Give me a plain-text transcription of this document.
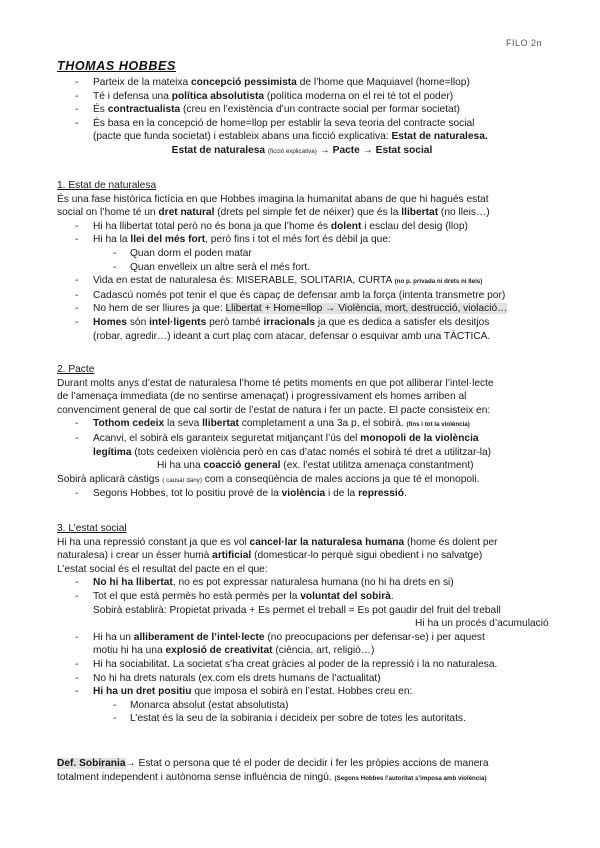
FILO 2n
THOMAS HOBBES
- Parteix de la mateixa concepció pessimista de l’home que Maquiavel (home=llop)
- Té i defensa una política absolutista (política moderna on el rei té tot el poder)
- És contractualista (creu en l’existència d’un contracte social per formar societat)
- És basa en la concepció de home=llop per establir la seva teoria del contracte social
(pacte que funda societat) i estableix abans una ficció explicativa: Estat de naturalesa.
Estat de naturalesa (ficció explicativa) → Pacte → Estat social
1. Estat de naturalesa
És una fase històrica fictícia en que Hobbes imagina la humanitat abans de que hi hagués estat
social on l’home té un dret natural (drets pel simple fet de néixer) que és la llibertat (no lleis…)
- Hi ha llibertat total però no és bona ja que l’home és dolent i esclau del desig (llop)
- Hi ha la llei del més fort, però fins i tot el més fort és dèbil ja que:
- Quan dorm el poden matar
- Quan envelleix un altre serà el més fort.
- Vida en estat de naturalesa és: MISERABLE, SOLITARIA, CURTA (no p. privada ni drets ni lleis)
- Cadascú només pot tenir el que és capaç de defensar amb la força (intenta transmetre por)
- No hem de ser lliures ja que: Llibertat + Home=llop → Violència, mort, destrucció, violació…
- Homes són intel·ligents però també irracionals ja que es dedica a satisfer els desitjos
(robar, agredir…) ideant a curt plaç com atacar, defensar o esquivar amb una TÀCTICA.
2. Pacte
Durant molts anys d’estat de naturalesa l’home té petits moments en que pot alliberar l’intel·lecte
de l’amenaça immediata (de no sentirse amenaçat) i progressivament els homes arriben al
convenciment general de que cal sortir de l’estat de natura i fer un pacte. El pacte consisteix en:
- Tothom cedeix la seva llibertat completament a una 3a p, el sobirà. (fins i tot la violència)
- Acanvi, el sobirà els garanteix seguretat mitjançant l’ús del monopoli de la violència
legítima (tots cedeixen violència però en cas d’atac només el sobirà té dret a utilitzar-la)
Hi ha una coacció general (ex. l’estat utilitza amenaça constantment)
Sobirà aplicarà càstigs ( causar dany) com a conseqüència de males accions ja que té el monopoli.
- Segons Hobbes, tot lo positiu prové de la violència i de la repressió.
3. L’estat social
Hi ha una repressió constant ja que es vol cancel·lar la naturalesa humana (home és dolent per
naturalesa) i crear un ésser humà artificial (domesticar-lo perquè sigui obedient i no salvatge)
L’estat social és el resultat del pacte en el que:
- No hi ha llibertat, no es pot expressar naturalesa humana (no hi ha drets en si)
- Tot el que està permès ho està permès per la voluntat del sobirà.
Sobirà establirà: Propietat privada + Es permet el treball = Es pot gaudir del fruit del treball
Hi ha un procés d’acumulació
- Hi ha un alliberament de l’intel·lecte (no preocupacions per defensar-se) i per aquest
motiu hi ha una explosió de creativitat (ciència, art, religió…)
- Hi ha sociabilitat. La societat s’ha creat gràcies al poder de la repressió i la no naturalesa.
- No hi ha drets naturals (ex.com els drets humans de l’actualitat)
- Hi ha un dret positiu que imposa el sobirà en l’estat. Hobbes creu en:
- Monarca absolut (estat absolutista)
- L’estat és la seu de la sobirania i decideix per sobre de totes les autoritats.
Def. Sobirania→ Estat o persona que té el poder de decidir i fer les pròpies accions de manera
totalment independent i autònoma sense influència de ningú. (Segons Hobbes l’autoritat s’imposa amb violència)
